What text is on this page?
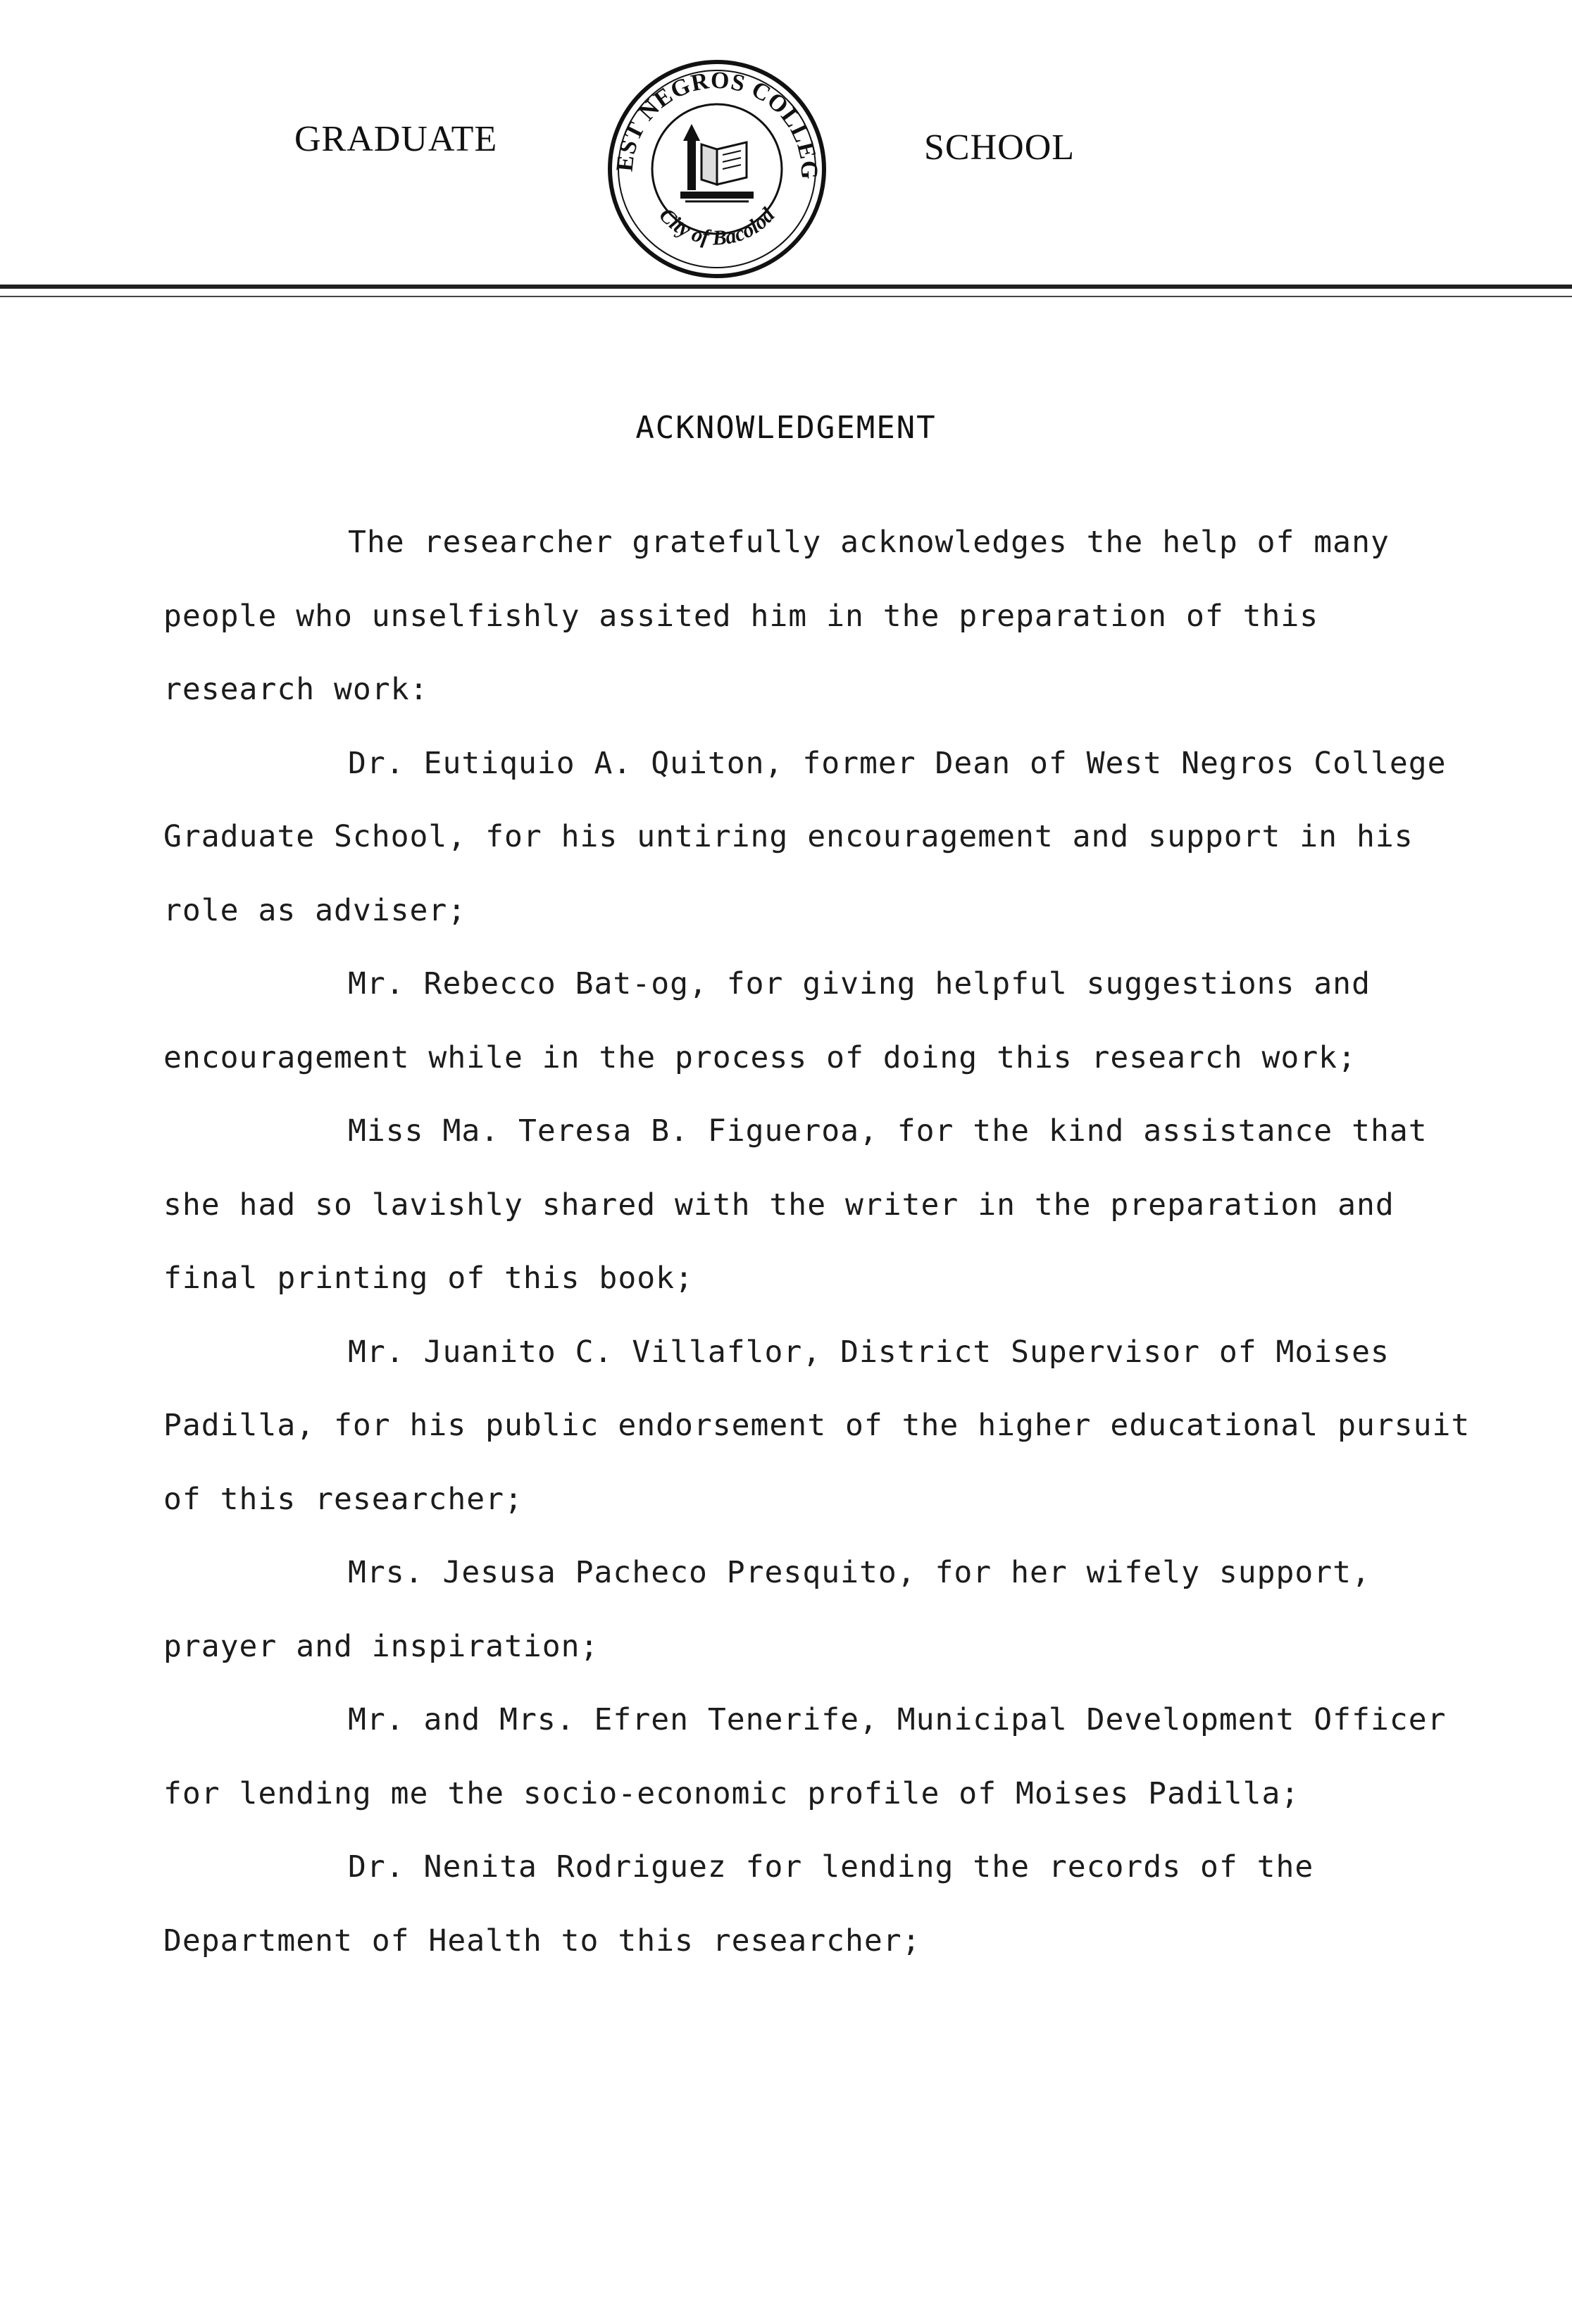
GRADUATE
EST NEGROS COLLEG
City of Bacolod
SCHOOL
ACKNOWLEDGEMENT

The researcher gratefully acknowledges the help of many people who unselfishly assited him in the preparation of this research work:

Dr. Eutiquio A. Quiton, former Dean of West Negros College Graduate School, for his untiring encouragement and support in his role as adviser;

Mr. Rebecco Bat-og, for giving helpful suggestions and encouragement while in the process of doing this research work;

Miss Ma. Teresa B. Figueroa, for the kind assistance that she had so lavishly shared with the writer in the preparation and final printing of this book;

Mr. Juanito C. Villaflor, District Supervisor of Moises Padilla, for his public endorsement of the higher educational pursuit of this researcher;

Mrs. Jesusa Pacheco Presquito, for her wifely support, prayer and inspiration;

Mr. and Mrs. Efren Tenerife, Municipal Development Officer for lending me the socio-economic profile of Moises Padilla;

Dr. Nenita Rodriguez for lending the records of the Department of Health to this researcher;
